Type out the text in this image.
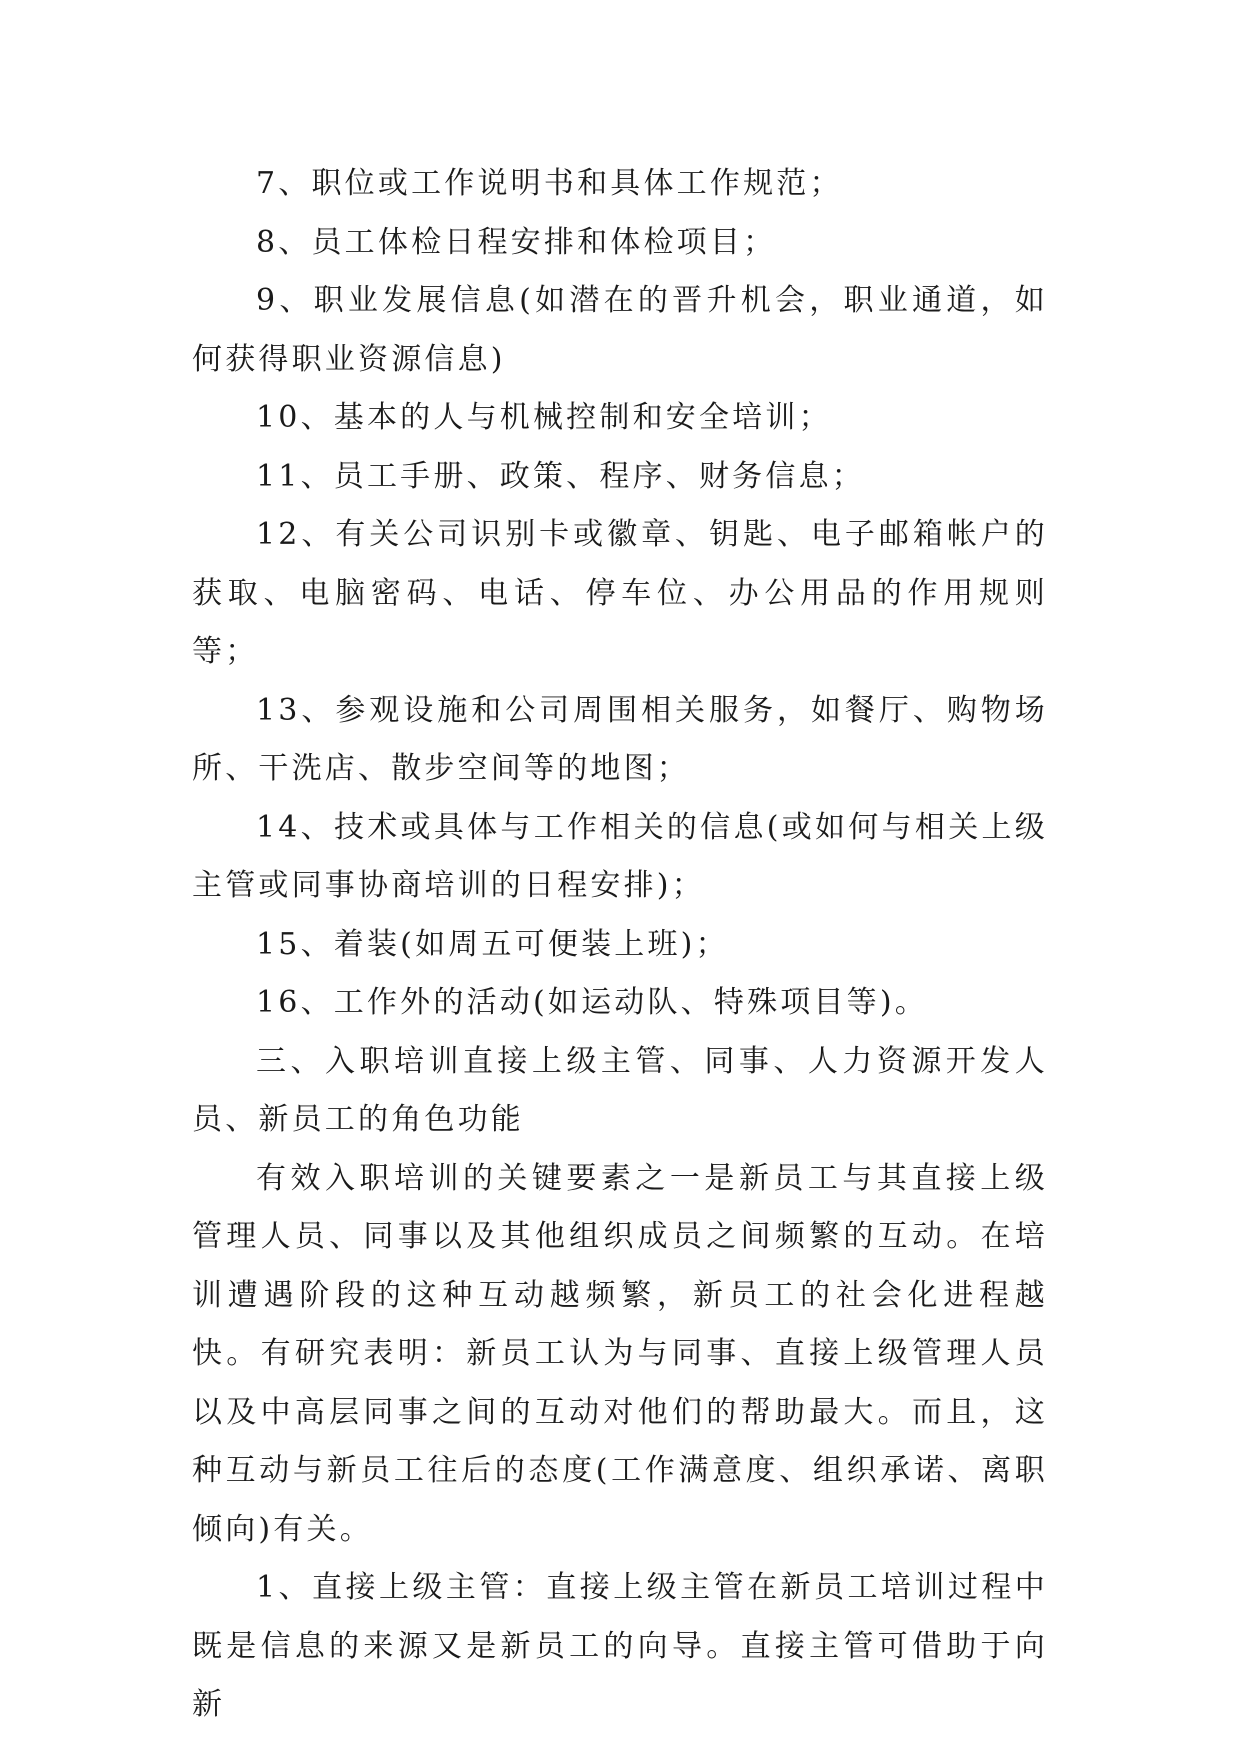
7、职位或工作说明书和具体工作规范；

8、员工体检日程安排和体检项目；

9、职业发展信息(如潜在的晋升机会，职业通道，如何获得职业资源信息)

10、基本的人与机械控制和安全培训；

11、员工手册、政策、程序、财务信息；

12、有关公司识别卡或徽章、钥匙、电子邮箱帐户的获取、电脑密码、电话、停车位、办公用品的作用规则等；

13、参观设施和公司周围相关服务，如餐厅、购物场所、干洗店、散步空间等的地图；

14、技术或具体与工作相关的信息(或如何与相关上级主管或同事协商培训的日程安排)；

15、着装(如周五可便装上班)；

16、工作外的活动(如运动队、特殊项目等)。

三、入职培训直接上级主管、同事、人力资源开发人员、新员工的角色功能

有效入职培训的关键要素之一是新员工与其直接上级管理人员、同事以及其他组织成员之间频繁的互动。在培训遭遇阶段的这种互动越频繁，新员工的社会化进程越快。有研究表明：新员工认为与同事、直接上级管理人员以及中高层同事之间的互动对他们的帮助最大。而且，这种互动与新员工往后的态度(工作满意度、组织承诺、离职倾向)有关。

1、直接上级主管：直接上级主管在新员工培训过程中既是信息的来源又是新员工的向导。直接主管可借助于向新
